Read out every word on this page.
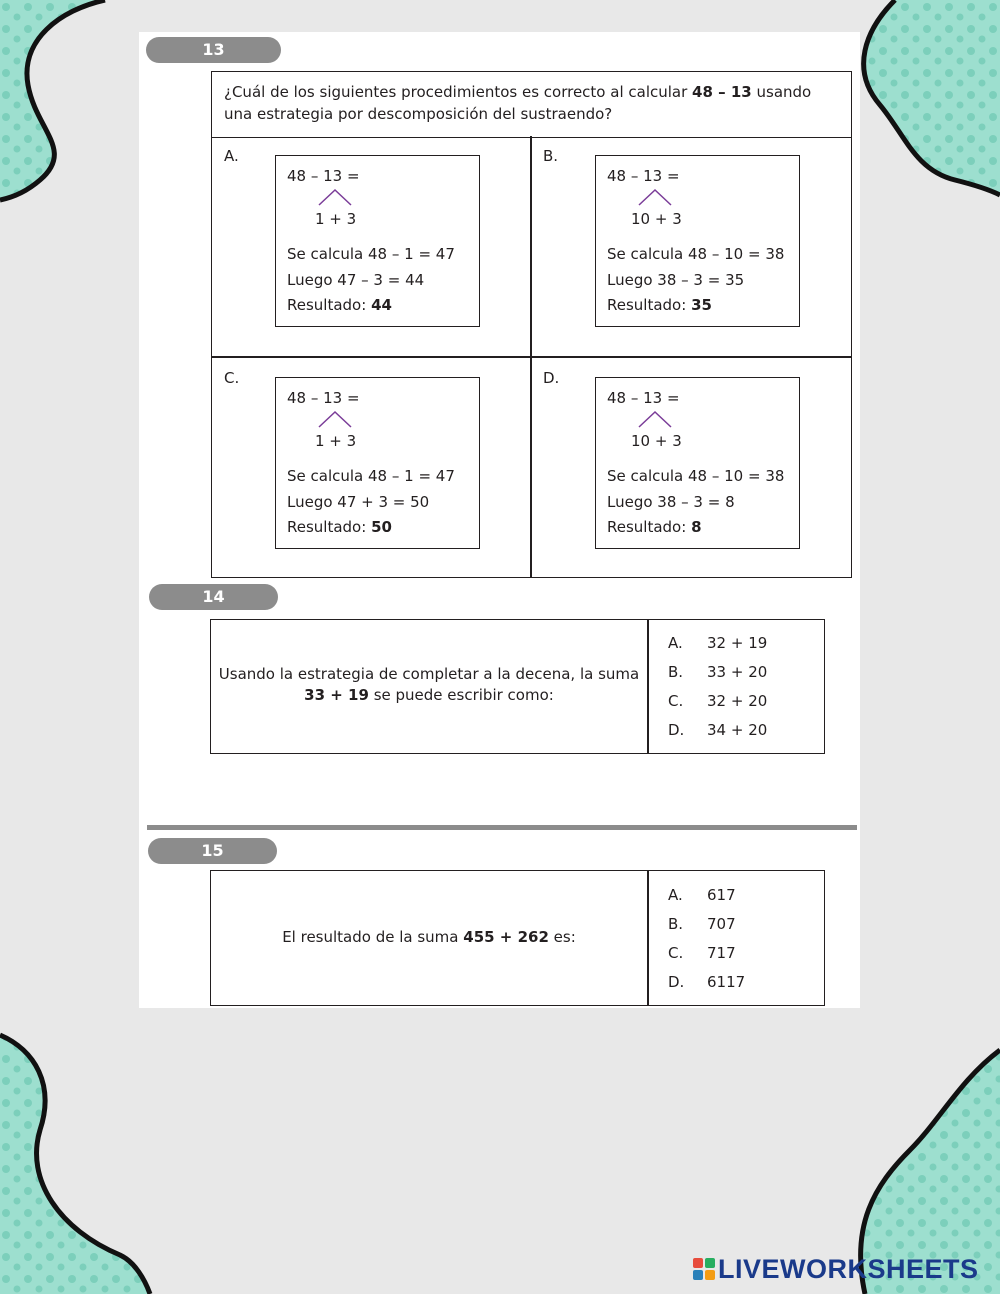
13
¿Cuál de los siguientes procedimientos es correcto al calcular 48 – 13 usando
una estrategia por descomposición del sustraendo?
A.
48 – 13 =
1 + 3
Se calcula 48 – 1 = 47
Luego 47 – 3 = 44
Resultado: 44
B.
48 – 13 =
10 + 3
Se calcula 48 – 10 = 38
Luego 38 – 3 = 35
Resultado: 35
C.
48 – 13 =
1 + 3
Se calcula 48 – 1 = 47
Luego 47 + 3 = 50
Resultado: 50
D.
48 – 13 =
10 + 3
Se calcula 48 – 10 = 38
Luego 38 – 3 = 8
Resultado: 8
14
Usando la estrategia de completar a la decena, la suma
33 + 19 se puede escribir como:
A. 32 + 19
B. 33 + 20
C. 32 + 20
D. 34 + 20
15
El resultado de la suma 455 + 262 es:
A. 617
B. 707
C. 717
D. 6117
LIVEWORKSHEETS
